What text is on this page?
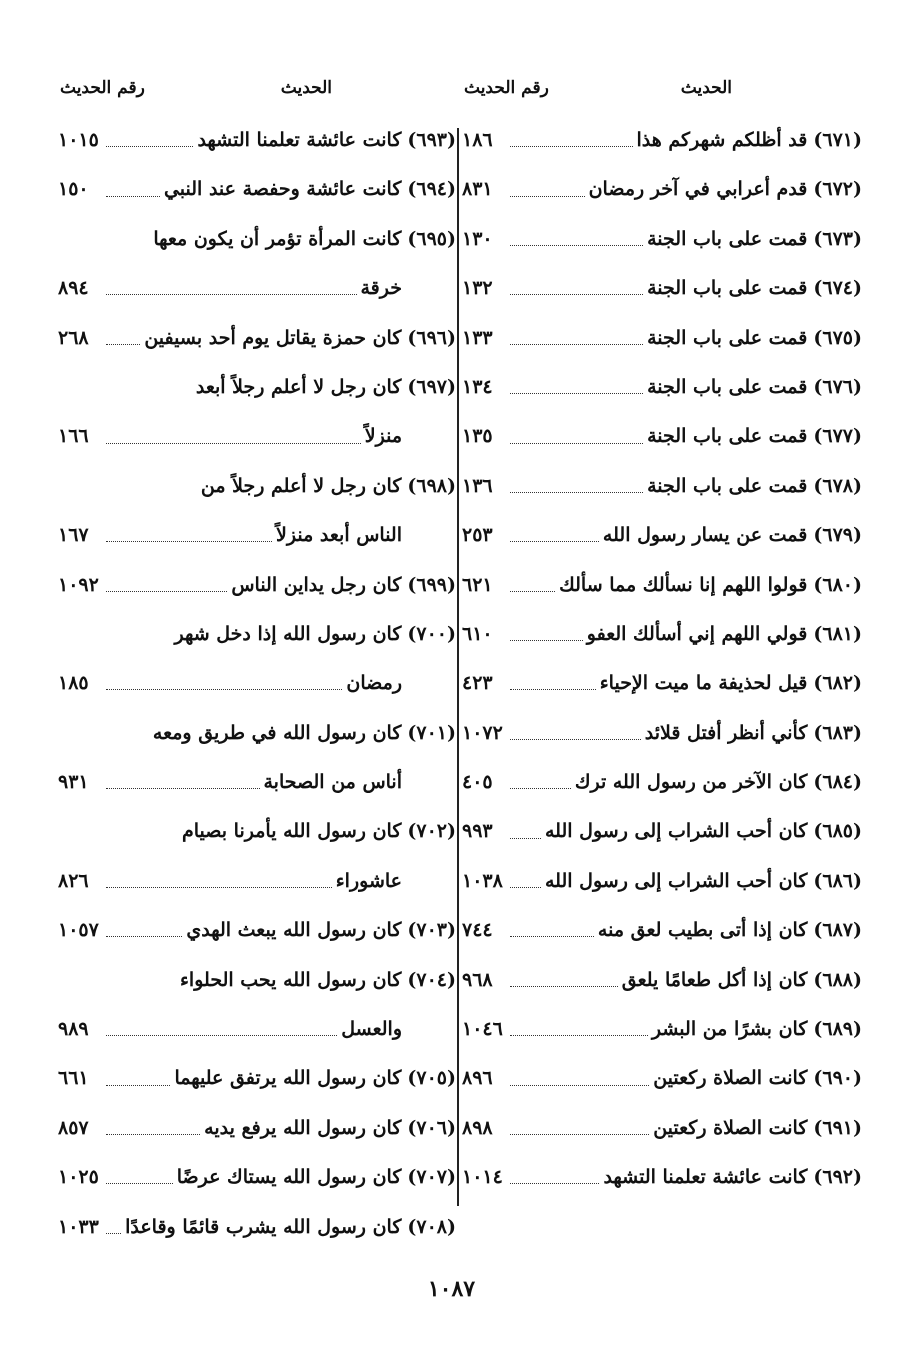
الحديث
رقم الحديث
(٦٧١)
قد أظلكم شهركم هذا
١٨٦
(٦٧٢)
قدم أعرابي في آخر رمضان
٨٣١
(٦٧٣)
قمت على باب الجنة
١٣٠
(٦٧٤)
قمت على باب الجنة
١٣٢
(٦٧٥)
قمت على باب الجنة
١٣٣
(٦٧٦)
قمت على باب الجنة
١٣٤
(٦٧٧)
قمت على باب الجنة
١٣٥
(٦٧٨)
قمت على باب الجنة
١٣٦
(٦٧٩)
قمت عن يسار رسول الله
٢٥٣
(٦٨٠)
قولوا اللهم إنا نسألك مما سألك
٦٢١
(٦٨١)
قولي اللهم إني أسألك العفو
٦١٠
(٦٨٢)
قيل لحذيفة ما ميت الإحياء
٤٢٣
(٦٨٣)
كأني أنظر أفتل قلائد
١٠٧٢
(٦٨٤)
كان الآخر من رسول الله ترك
٤٠٥
(٦٨٥)
كان أحب الشراب إلى رسول الله
٩٩٣
(٦٨٦)
كان أحب الشراب إلى رسول الله
١٠٣٨
(٦٨٧)
كان إذا أتى بطيب لعق منه
٧٤٤
(٦٨٨)
كان إذا أكل طعامًا يلعق
٩٦٨
(٦٨٩)
كان بشرًا من البشر
١٠٤٦
(٦٩٠)
كانت الصلاة ركعتين
٨٩٦
(٦٩١)
كانت الصلاة ركعتين
٨٩٨
(٦٩٢)
كانت عائشة تعلمنا التشهد
١٠١٤
الحديث
رقم الحديث
(٦٩٣)
كانت عائشة تعلمنا التشهد
١٠١٥
(٦٩٤)
كانت عائشة وحفصة عند النبي
١٥٠
(٦٩٥)
كانت المرأة تؤمر أن يكون معها
خرقة
٨٩٤
(٦٩٦)
كان حمزة يقاتل يوم أحد بسيفين
٢٦٨
(٦٩٧)
كان رجل لا أعلم رجلاً أبعد
منزلاً
١٦٦
(٦٩٨)
كان رجل لا أعلم رجلاً من
الناس أبعد منزلاً
١٦٧
(٦٩٩)
كان رجل يداين الناس
١٠٩٢
(٧٠٠)
كان رسول الله إذا دخل شهر
رمضان
١٨٥
(٧٠١)
كان رسول الله في طريق ومعه
أناس من الصحابة
٩٣١
(٧٠٢)
كان رسول الله يأمرنا بصيام
عاشوراء
٨٢٦
(٧٠٣)
كان رسول الله يبعث الهدي
١٠٥٧
(٧٠٤)
كان رسول الله يحب الحلواء
والعسل
٩٨٩
(٧٠٥)
كان رسول الله يرتفق عليهما
٦٦١
(٧٠٦)
كان رسول الله يرفع يديه
٨٥٧
(٧٠٧)
كان رسول الله يستاك عرضًا
١٠٢٥
(٧٠٨)
كان رسول الله يشرب قائمًا وقاعدًا
١٠٣٣
١٠٨٧
